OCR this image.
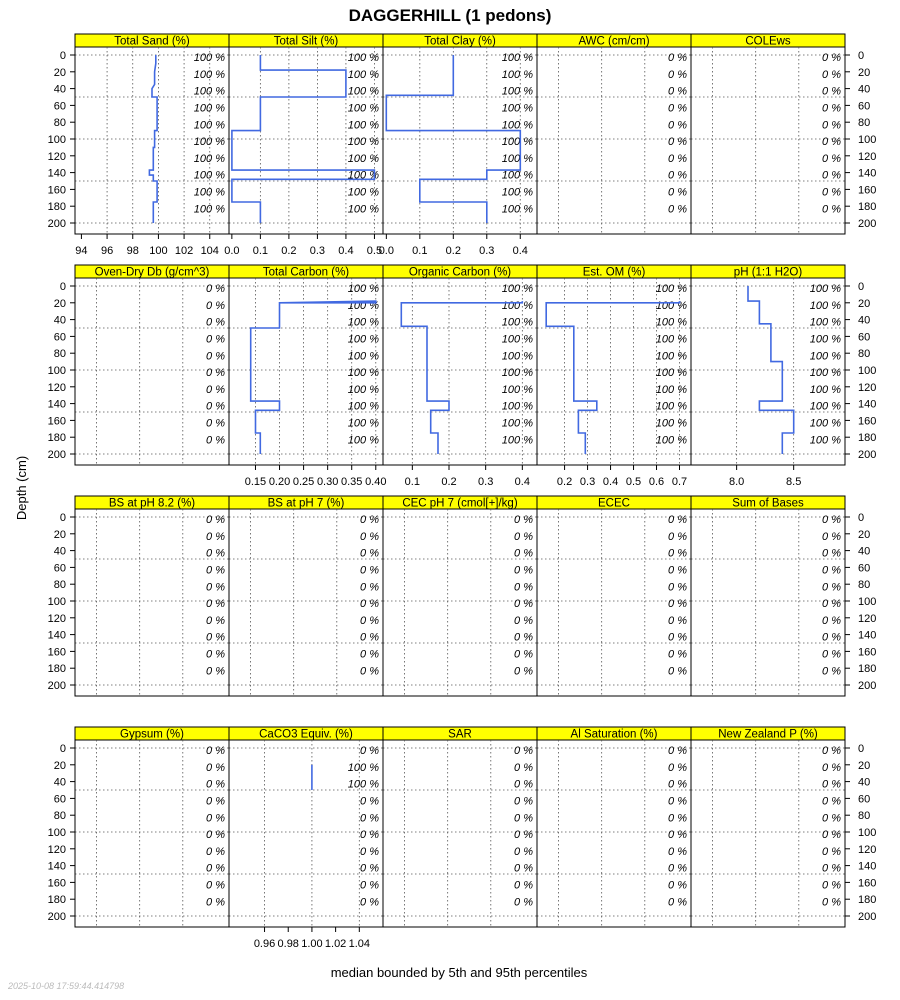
DAGGERHILL (1 pedons)
Total Sand (%)
100 %
100 %
100 %
100 %
100 %
100 %
100 %
100 %
100 %
100 %
94 96 98 100 102 104
Total Silt (%)
100 %
100 %
100 %
100 %
100 %
100 %
100 %
100 %
100 %
100 %
0.0 0.1 0.2 0.3 0.4 0.5
Total Clay (%)
100 %
100 %
100 %
100 %
100 %
100 %
100 %
100 %
100 %
100 %
0.0 0.1 0.2 0.3 0.4
AWC (cm/cm)
0 %
0 %
0 %
0 %
0 %
0 %
0 %
0 %
0 %
0 %
COLEws
0 %
0 %
0 %
0 %
0 %
0 %
0 %
0 %
0 %
0 %
Oven-Dry Db (g/cm^3)
0 %
0 %
0 %
0 %
0 %
0 %
0 %
0 %
0 %
0 %
Total Carbon (%)
100 %
100 %
100 %
100 %
100 %
100 %
100 %
100 %
100 %
100 %
0.15 0.20 0.25 0.30 0.35 0.40
Organic Carbon (%)
100 %
100 %
100 %
100 %
100 %
100 %
100 %
100 %
100 %
100 %
0.1 0.2 0.3 0.4
Est. OM (%)
100 %
100 %
100 %
100 %
100 %
100 %
100 %
100 %
100 %
100 %
0.2 0.3 0.4 0.5 0.6 0.7
pH (1:1 H2O)
100 %
100 %
100 %
100 %
100 %
100 %
100 %
100 %
100 %
100 %
8.0	8.5
BS at pH 8.2 (%)
0 %
0 %
0 %
0 %
0 %
0 %
0 %
0 %
0 %
0 %
BS at pH 7 (%)
0 %
0 %
0 %
0 %
0 %
0 %
0 %
0 %
0 %
0 %
CEC pH 7 (cmol[+]/kg)
0 %
0 %
0 %
0 %
0 %
0 %
0 %
0 %
0 %
0 %
ECEC
0 %
0 %
0 %
0 %
0 %
0 %
0 %
0 %
0 %
0 %
Sum of Bases
0 %
0 %
0 %
0 %
0 %
0 %
0 %
0 %
0 %
0 %
Gypsum (%)
0 %
0 %
0 %
0 %
0 %
0 %
0 %
0 %
0 %
0 %
CaCO3 Equiv. (%)
0 %
100 %
100 %
0 %
0 %
0 %
0 %
0 %
0 %
0 %
0.96 0.98 1.00 1.02 1.04
SAR
0 %
0 %
0 %
0 %
0 %
0 %
0 %
0 %
0 %
0 %
Al Saturation (%)
0 %
0 %
0 %
0 %
0 %
0 %
0 %
0 %
0 %
0 %
New Zealand P (%)
0 %
0 %
0 %
0 %
0 %
0 %
0 %
0 %
0 %
0 %
0	0
20	20
40	40
60	60
80	80
100	100
120	120
140	140
160	160
180	180
200	200
0	0
20	20
40	40
60	60
80	80
100	100
120	120
140	140
160	160
180	180
200	200
0	0
20	20
40	40
60	60
80	80
100	100
120	120
140	140
160	160
180	180
200	200
0	0
20	20
40	40
60	60
80	80
100	100
120	120
140	140
160	160
180	180
200	200
Depth (cm)
median bounded by 5th and 95th percentiles
2025-10-08 17:59:44.414798
